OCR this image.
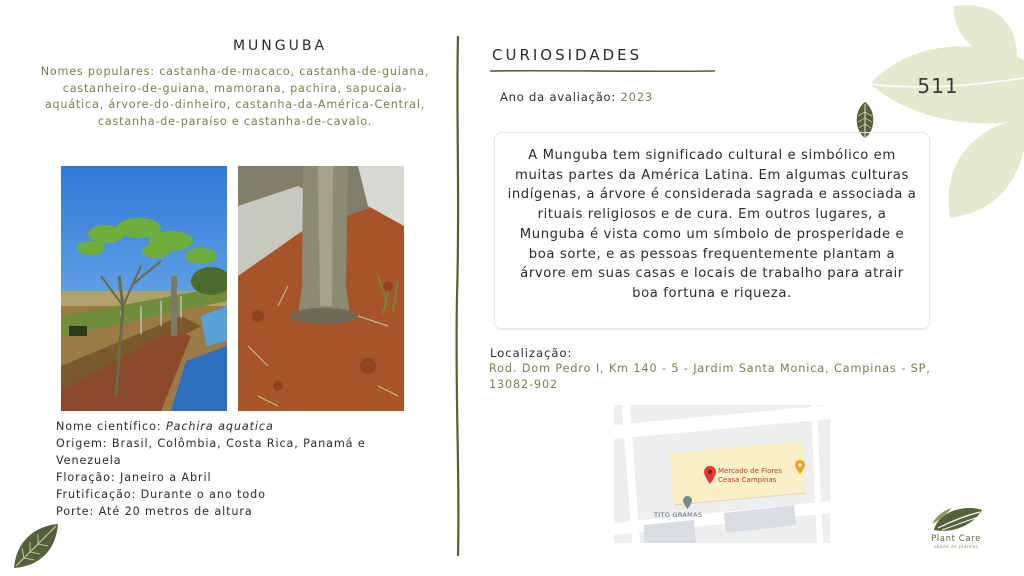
MUNGUBA
Nomes populares: castanha-de-macaco, castanha-de-guiana, castanheiro-de-guiana, mamorana, pachira, sapucaia-aquática, árvore-do-dinheiro, castanha-da-América-Central, castanha-de-paraíso e castanha-de-cavalo.
Nome científico: Pachira aquatica
Origem: Brasil, Colômbia, Costa Rica, Panamá e Venezuela
Floração: Janeiro a Abril
Frutificação: Durante o ano todo
Porte: Até 20 metros de altura
CURIOSIDADES
Ano da avaliação: 2023
A Munguba tem significado cultural e simbólico em muitas partes da América Latina. Em algumas culturas indígenas, a árvore é considerada sagrada e associada a rituais religiosos e de cura. Em outros lugares, a Munguba é vista como um símbolo de prosperidade e boa sorte, e as pessoas frequentemente plantam a árvore em suas casas e locais de trabalho para atrair boa fortuna e riqueza.
Localização:
Rod. Dom Pedro I, Km 140 - 5 - Jardim Santa Monica, Campinas - SP, 13082-902
Mercado de Flores
Ceasa Campinas
TITO GRAMAS
511
Plant Care
saúde às plantas
